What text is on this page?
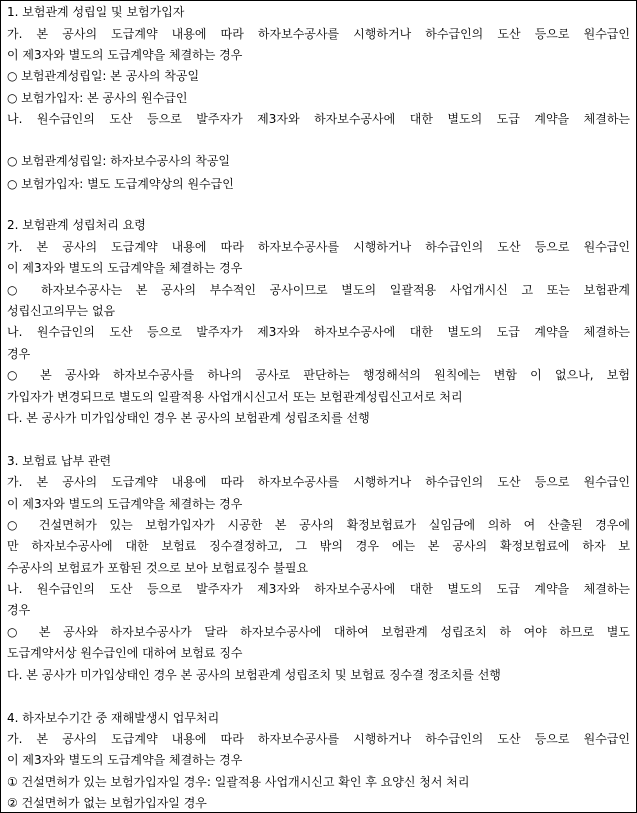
1. 보험관계 성립일 및 보험가입자
가. 본 공사의 도급계약 내용에 따라 하자보수공사를 시행하거나 하수급인의 도산 등으로 원수급인
이 제3자와 별도의 도급계약을 체결하는 경우
○ 보험관계성립일: 본 공사의 착공일
○ 보험가입자: 본 공사의 원수급인
나. 원수급인의 도산 등으로 발주자가 제3자와 하자보수공사에 대한 별도의 도급 계약을 체결하는
○ 보험관계성립일: 하자보수공사의 착공일
○ 보험가입자: 별도 도급계약상의 원수급인
2. 보험관계 성립처리 요령
가. 본 공사의 도급계약 내용에 따라 하자보수공사를 시행하거나 하수급인의 도산 등으로 원수급인
이 제3자와 별도의 도급계약을 체결하는 경우
○ 하자보수공사는 본 공사의 부수적인 공사이므로 별도의 일괄적용 사업개시신 고 또는 보험관계
성립신고의무는 없음
나. 원수급인의 도산 등으로 발주자가 제3자와 하자보수공사에 대한 별도의 도급 계약을 체결하는
경우
○ 본 공사와 하자보수공사를 하나의 공사로 판단하는 행정해석의 원칙에는 변함 이 없으나, 보험
가입자가 변경되므로 별도의 일괄적용 사업개시신고서 또는 보험관계성립신고서로 처리
다. 본 공사가 미가입상태인 경우 본 공사의 보험관계 성립조치를 선행
3. 보험료 납부 관련
가. 본 공사의 도급계약 내용에 따라 하자보수공사를 시행하거나 하수급인의 도산 등으로 원수급인
이 제3자와 별도의 도급계약을 체결하는 경우
○ 건설면허가 있는 보험가입자가 시공한 본 공사의 확정보험료가 실임금에 의하 여 산출된 경우에
만 하자보수공사에 대한 보험료 징수결정하고, 그 밖의 경우 에는 본 공사의 확정보험료에 하자 보
수공사의 보험료가 포함된 것으로 보아 보험료징수 불필요
나. 원수급인의 도산 등으로 발주자가 제3자와 하자보수공사에 대한 별도의 도급 계약을 체결하는
경우
○ 본 공사와 하자보수공사가 달라 하자보수공사에 대하여 보험관계 성립조치 하 여야 하므로 별도
도급계약서상 원수급인에 대하여 보험료 징수
다. 본 공사가 미가입상태인 경우 본 공사의 보험관계 성립조치 및 보험료 징수결 정조치를 선행
4. 하자보수기간 중 재해발생시 업무처리
가. 본 공사의 도급계약 내용에 따라 하자보수공사를 시행하거나 하수급인의 도산 등으로 원수급인
이 제3자와 별도의 도급계약을 체결하는 경우
① 건설면허가 있는 보험가입자일 경우: 일괄적용 사업개시신고 확인 후 요양신 청서 처리
② 건설면허가 없는 보험가입자일 경우
